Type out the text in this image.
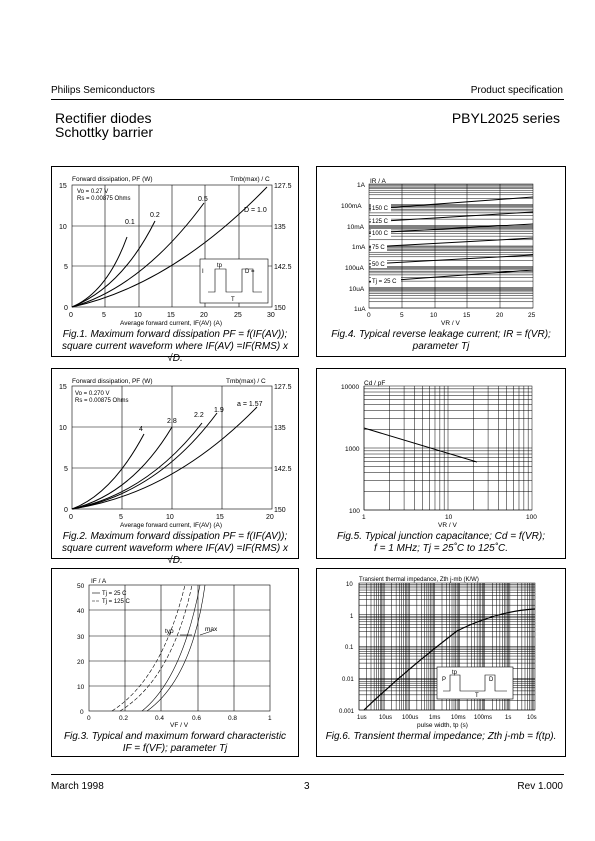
Philips Semiconductors	Product specification
Rectifier diodes
Schottky barrier
PBYL2025 series
Forward dissipation, PF (W)	Tmb(max) / C
Vo = 0.27 V
Rs = 0.00875 Ohms
0.1
0.2
0.5
D = 1.0
I
tp
D =
T
0	5	10	15	20	25	30
0
5
10
15
150
142.5
135
127.5
Average forward current, IF(AV) (A)
Fig.1. Maximum forward dissipation PF = f(IF(AV));
square current waveform where IF(AV) =IF(RMS) x √D.
IR / A
150 C
125 C
100 C
75 C
50 C
Tj = 25 C
1A
100mA
10mA
1mA
100uA
10uA
1uA
0	5	10	15	20	25
VR / V
Fig.4. Typical reverse leakage current; IR = f(VR);
parameter Tj
Forward dissipation, PF (W)	Tmb(max) / C
Vo = 0.270 V
Rs = 0.00875 Ohms
4
2.8
2.2
1.9
a = 1.57
0	5	10	15	20
0
5
10
15
150
142.5
135
127.5
Average forward current, IF(AV) (A)
Fig.2. Maximum forward dissipation PF = f(IF(AV));
square current waveform where IF(AV) =IF(RMS) x √D.
Cd / pF
10000
1000
100
1	10	100
VR / V
Fig.5. Typical junction capacitance; Cd = f(VR);
f = 1 MHz; Tj = 25˚C to 125˚C.
IF / A
Tj = 25 C
Tj = 125 C
typ	max
0	0.2	0.4	0.6	0.8	1
0
10
20
30
40
50
VF / V
Fig.3. Typical and maximum forward characteristic
IF = f(VF); parameter Tj
P
tp
D
T
Transient thermal impedance, Zth j-mb (K/W)
10
1
0.1
0.01
0.001
1us 10us 100us 1ms 10ms 100ms 1s	10s
pulse width, tp (s)
Fig.6. Transient thermal impedance; Zth j-mb = f(tp).
March 1998	3	Rev 1.000
